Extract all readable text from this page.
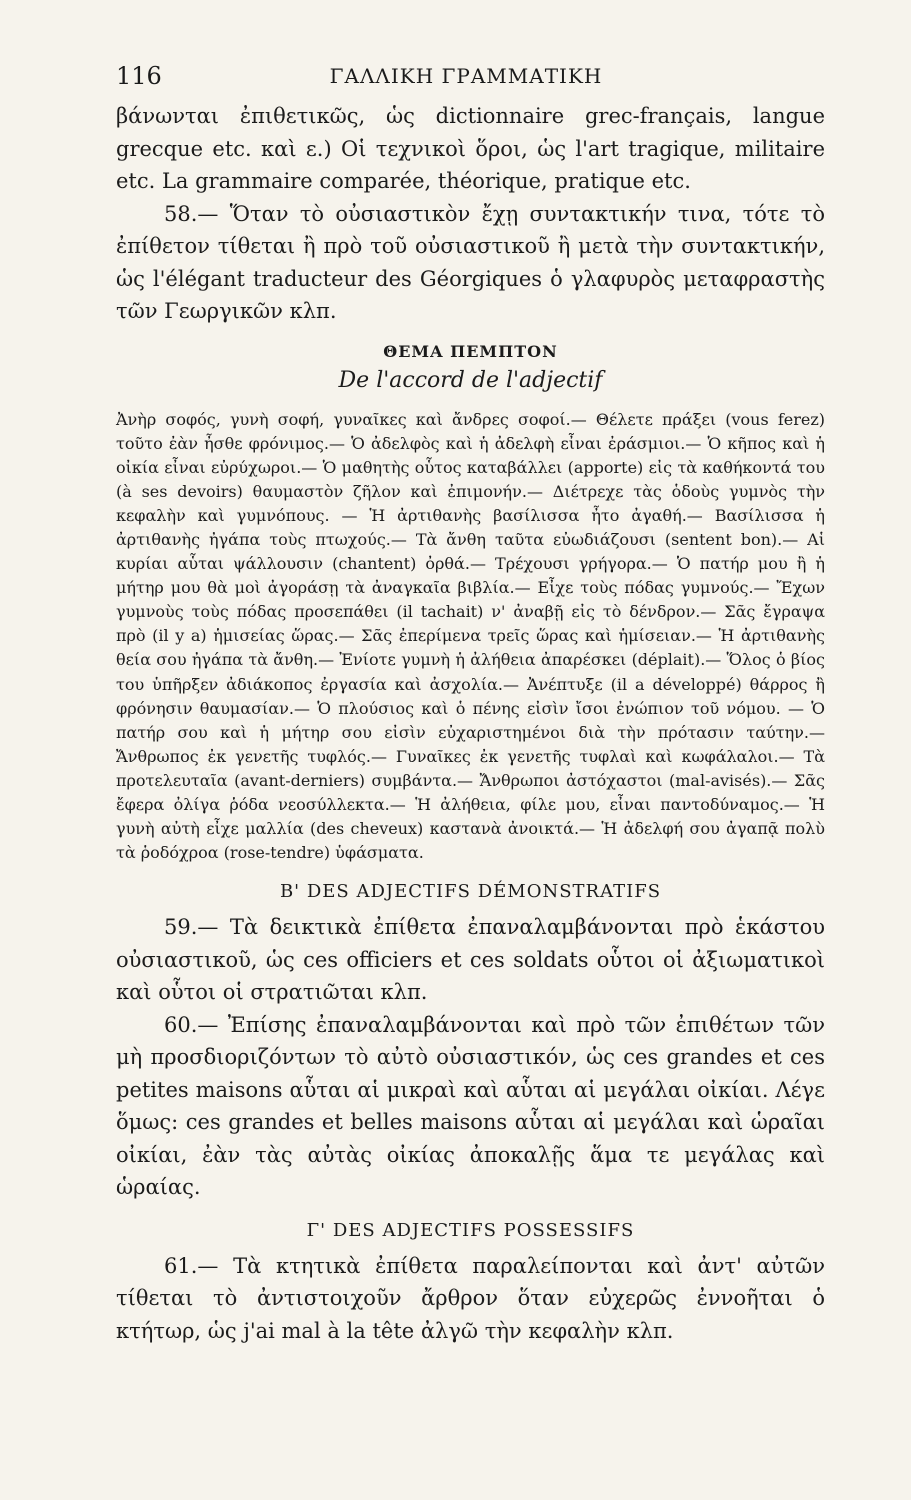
116	ΓΑΛΛΙΚΗ ΓΡΑΜΜΑΤΙΚΗ

βάνωνται ἐπιθετικῶς, ὡς dictionnaire grec-français, langue grecque etc. καὶ ε.) Οἱ τεχνικοὶ ὅροι, ὡς l'art tragique, militaire etc. La grammaire comparée, théorique, pratique etc.

58.— Ὅταν τὸ οὐσιαστικὸν ἔχῃ συντακτικήν τινα, τότε τὸ ἐπίθετον τίθεται ἢ πρὸ τοῦ οὐσιαστικοῦ ἢ μετὰ τὴν συντακτικήν, ὡς l'élégant traducteur des Géorgiques ὁ γλαφυρὸς μεταφραστὴς τῶν Γεωργικῶν κλπ.

ΘΕΜΑ ΠΕΜΠΤΟΝ
De l'accord de l'adjectif

Ἀνὴρ σοφός, γυνὴ σοφή, γυναῖκες καὶ ἄνδρες σοφοί.— Θέλετε πράξει (vous ferez) τοῦτο ἐὰν ἦσθε φρόνιμος.— Ὁ ἀδελφὸς καὶ ἡ ἀδελφὴ εἶναι ἐράσμιοι.— Ὁ κῆπος καὶ ἡ οἰκία εἶναι εὐρύχωροι.— Ὁ μαθητὴς οὗτος καταβάλλει (apporte) εἰς τὰ καθήκοντά του (à ses devoirs) θαυμαστὸν ζῆλον καὶ ἐπιμονήν.— Διέτρεχε τὰς ὁδοὺς γυμνὸς τὴν κεφαλὴν καὶ γυμνόπους. — Ἡ ἀρτιθανὴς βασίλισσα ἦτο ἀγαθή.— Βασίλισσα ἡ ἀρτιθανὴς ἠγάπα τοὺς πτωχούς.— Τὰ ἄνθη ταῦτα εὐωδιάζουσι (sentent bon).— Αἱ κυρίαι αὗται ψάλλουσιν (chantent) ὀρθά.— Τρέχουσι γρήγορα.— Ὁ πατήρ μου ἢ ἡ μήτηρ μου θὰ μοὶ ἀγοράσῃ τὰ ἀναγκαῖα βιβλία.— Εἶχε τοὺς πόδας γυμνούς.— Ἔχων γυμνοὺς τοὺς πόδας προσεπάθει (il tachait) ν' ἀναβῇ εἰς τὸ δένδρον.— Σᾶς ἔγραψα πρὸ (il y a) ἡμισείας ὥρας.— Σᾶς ἐπερίμενα τρεῖς ὥρας καὶ ἡμίσειαν.— Ἡ ἀρτιθανὴς θεία σου ἠγάπα τὰ ἄνθη.— Ἐνίοτε γυμνὴ ἡ ἀλήθεια ἀπαρέσκει (déplait).— Ὅλος ὁ βίος του ὑπῆρξεν ἀδιάκοπος ἐργασία καὶ ἀσχολία.— Ἀνέπτυξε (il a développé) θάρρος ἢ φρόνησιν θαυμασίαν.— Ὁ πλούσιος καὶ ὁ πένης εἰσὶν ἴσοι ἐνώπιον τοῦ νόμου. — Ὁ πατήρ σου καὶ ἡ μήτηρ σου εἰσὶν εὐχαριστημένοι διὰ τὴν πρότασιν ταύτην.— Ἄνθρωπος ἐκ γενετῆς τυφλός.— Γυναῖκες ἐκ γενετῆς τυφλαὶ καὶ κωφάλαλοι.— Τὰ προτελευταῖα (avant-derniers) συμβάντα.— Ἄνθρωποι ἀστόχαστοι (mal-avisés).— Σᾶς ἔφερα ὀλίγα ῥόδα νεοσύλλεκτα.— Ἡ ἀλήθεια, φίλε μου, εἶναι παντοδύναμος.— Ἡ γυνὴ αὐτὴ εἶχε μαλλία (des cheveux) καστανὰ ἀνοικτά.— Ἡ ἀδελφή σου ἀγαπᾷ πολὺ τὰ ῥοδόχροα (rose-tendre) ὑφάσματα.

Β' DES ADJECTIFS DÉMONSTRATIFS

59.— Τὰ δεικτικὰ ἐπίθετα ἐπαναλαμβάνονται πρὸ ἑκάστου οὐσιαστικοῦ, ὡς ces officiers et ces soldats οὗτοι οἱ ἀξιωματικοὶ καὶ οὗτοι οἱ στρατιῶται κλπ.

60.— Ἐπίσης ἐπαναλαμβάνονται καὶ πρὸ τῶν ἐπιθέτων τῶν μὴ προσδιοριζόντων τὸ αὐτὸ οὐσιαστικόν, ὡς ces grandes et ces petites maisons αὗται αἱ μικραὶ καὶ αὗται αἱ μεγάλαι οἰκίαι. Λέγε ὅμως: ces grandes et belles maisons αὗται αἱ μεγάλαι καὶ ὡραῖαι οἰκίαι, ἐὰν τὰς αὐτὰς οἰκίας ἀποκαλῇς ἅμα τε μεγάλας καὶ ὡραίας.

Γ' DES ADJECTIFS POSSESSIFS

61.— Τὰ κτητικὰ ἐπίθετα παραλείπονται καὶ ἀντ' αὐτῶν τίθεται τὸ ἀντιστοιχοῦν ἄρθρον ὅταν εὐχερῶς ἐννοῆται ὁ κτήτωρ, ὡς j'ai mal à la tête ἀλγῶ τὴν κεφαλὴν κλπ.
